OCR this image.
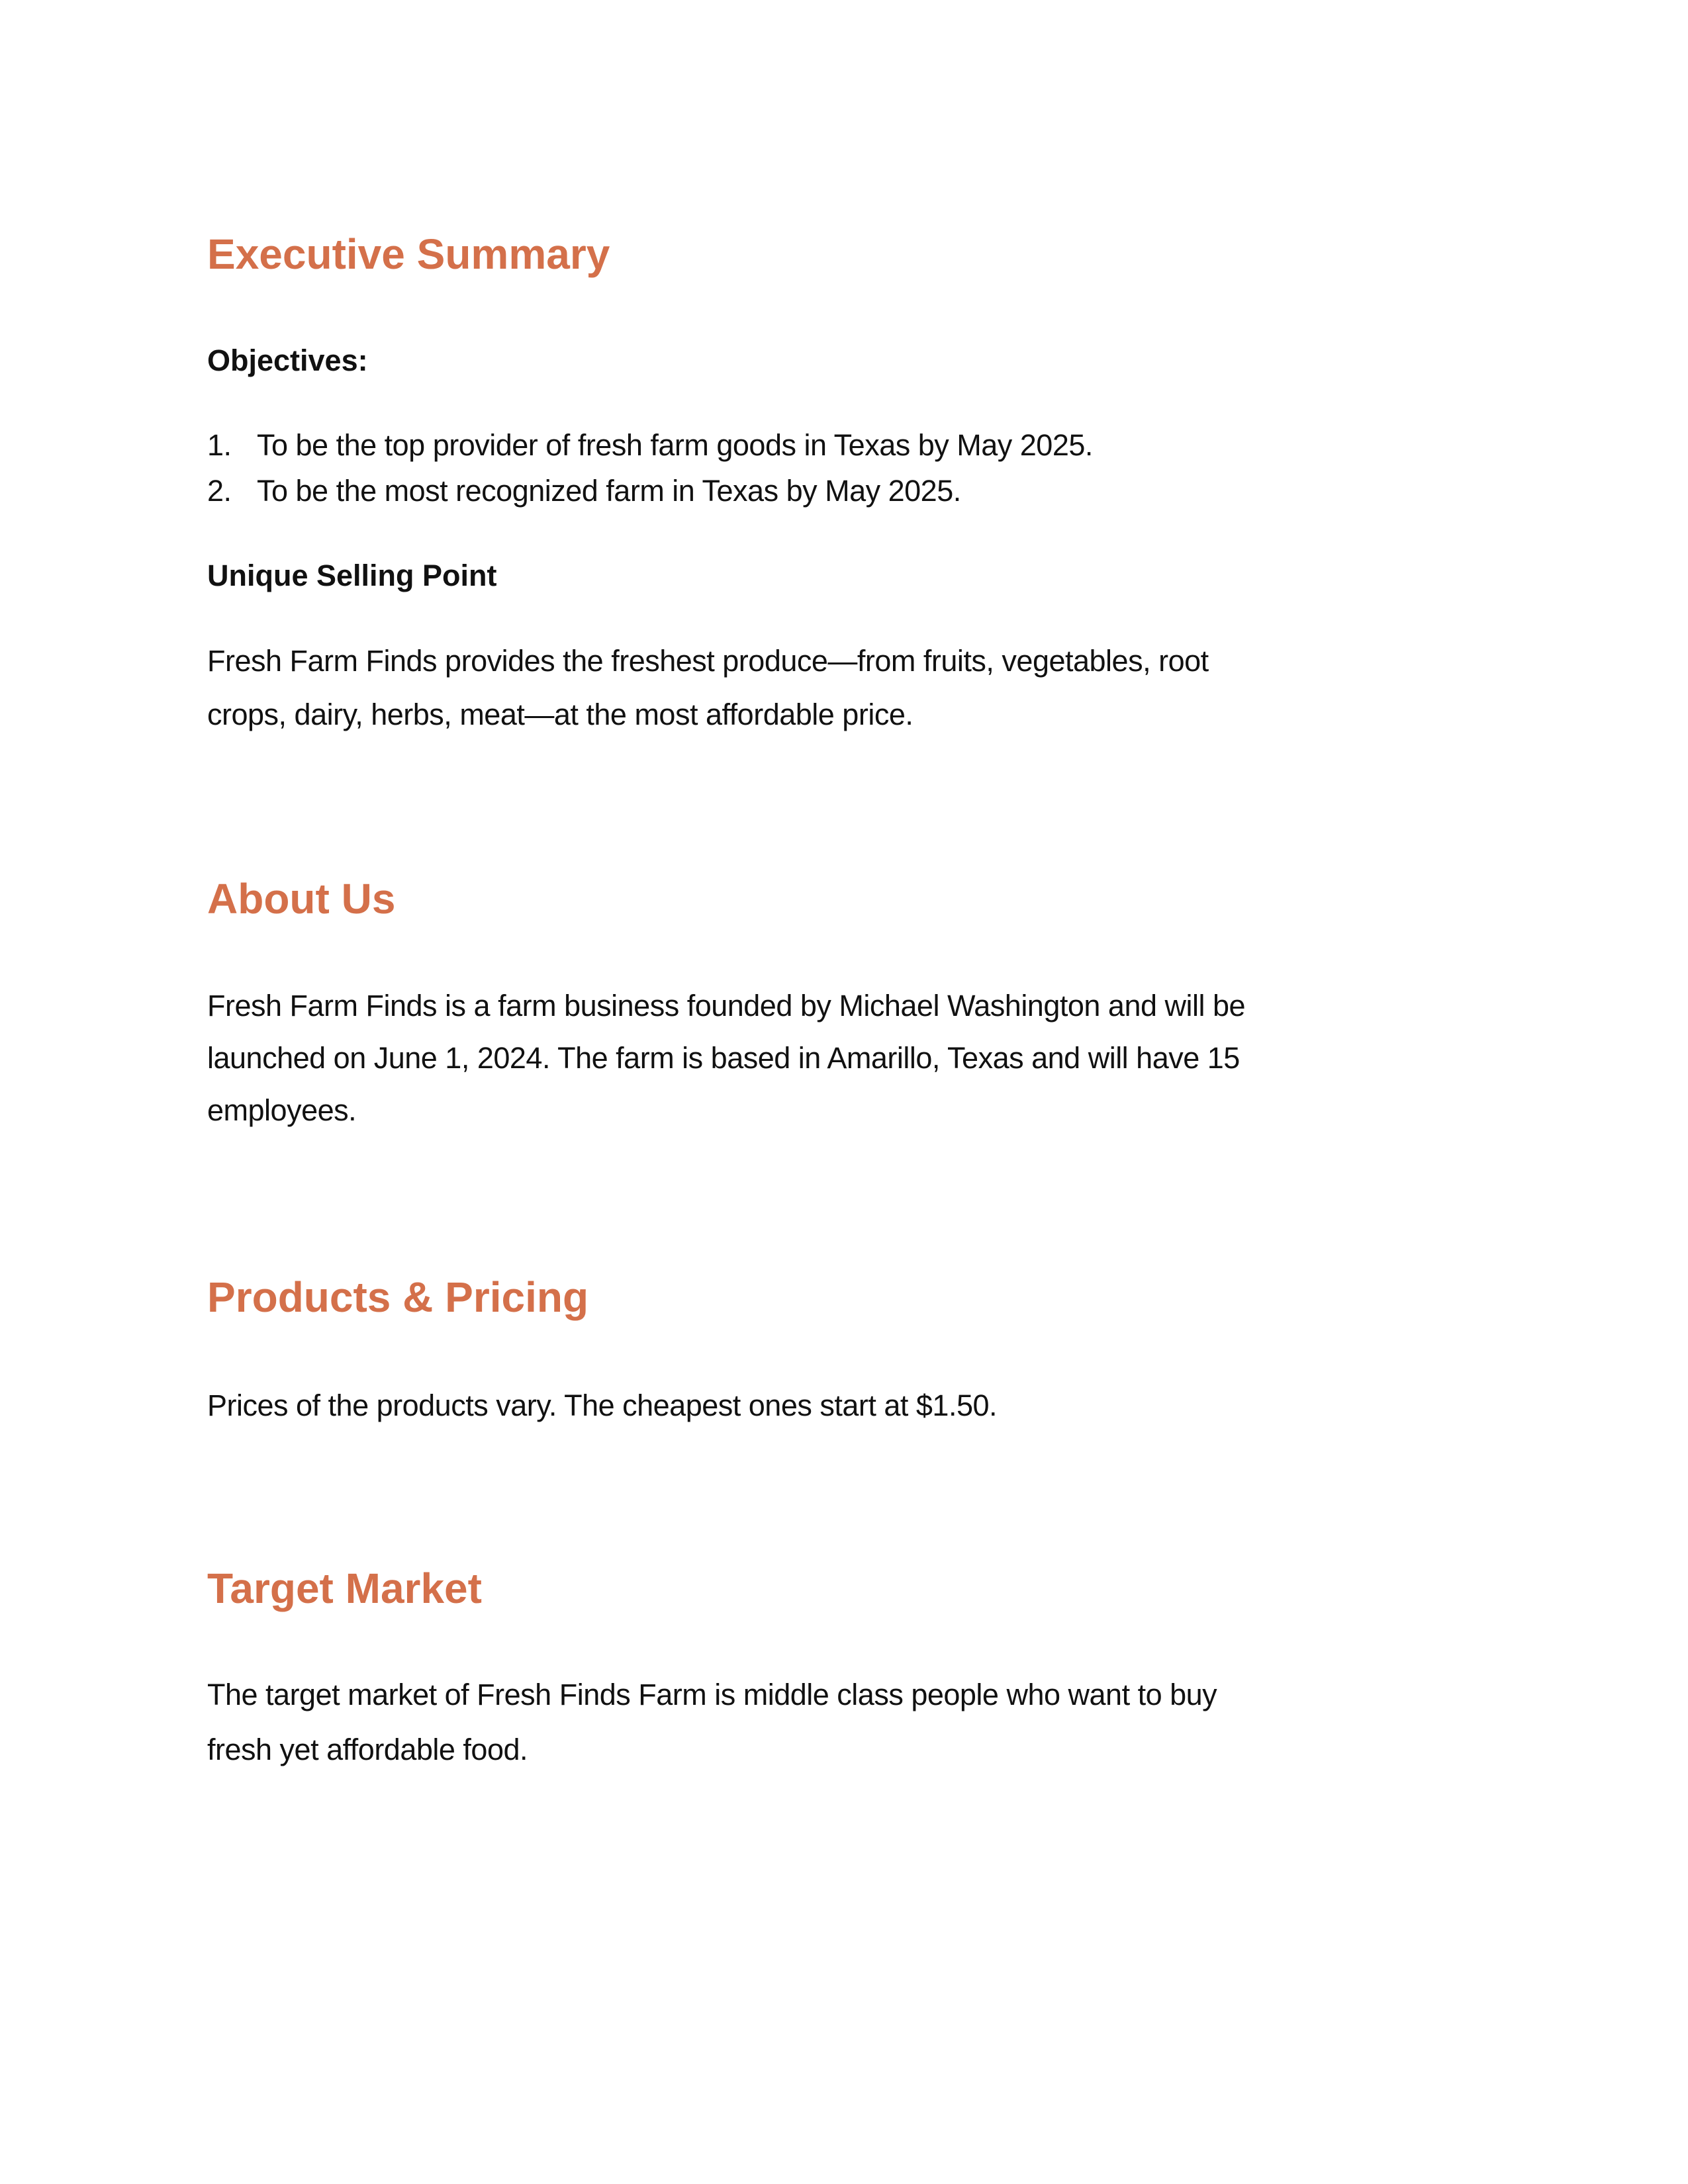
Executive Summary
Objectives:
1. To be the top provider of fresh farm goods in Texas by May 2025.
2. To be the most recognized farm in Texas by May 2025.
Unique Selling Point
Fresh Farm Finds provides the freshest produce—from fruits, vegetables, root
crops, dairy, herbs, meat—at the most affordable price.
About Us
Fresh Farm Finds is a farm business founded by Michael Washington and will be
launched on June 1, 2024. The farm is based in Amarillo, Texas and will have 15
employees.
Products & Pricing
Prices of the products vary. The cheapest ones start at $1.50.
Target Market
The target market of Fresh Finds Farm is middle class people who want to buy
fresh yet affordable food.
